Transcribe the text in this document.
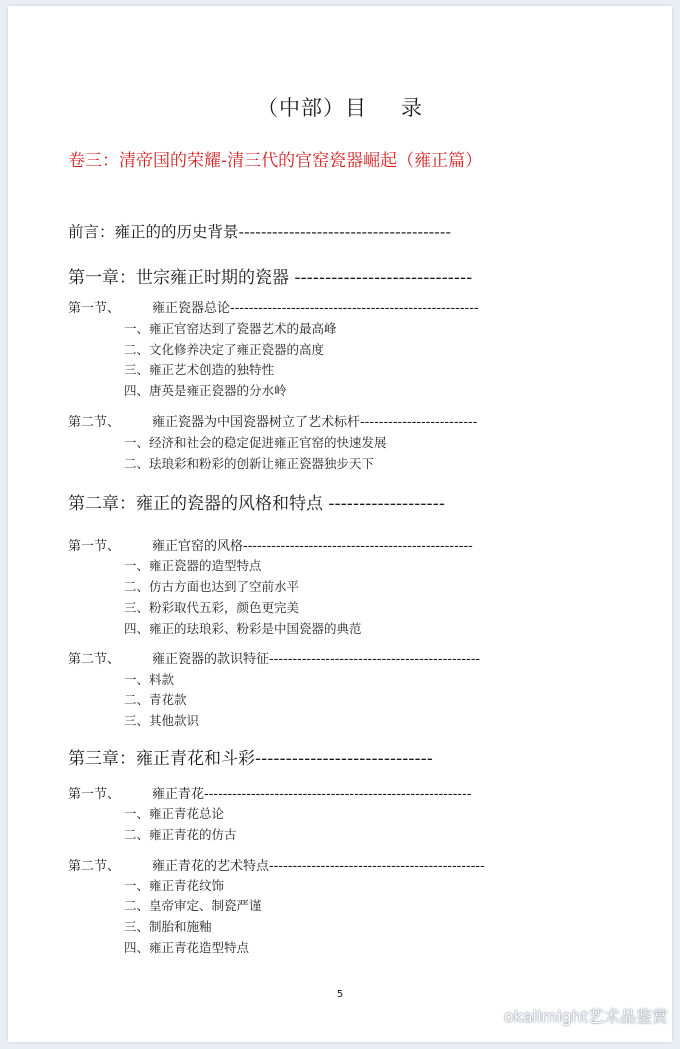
（中部）目 录
卷三：清帝国的荣耀-清三代的官窑瓷器崛起（雍正篇）
前言：雍正的的历史背景--------------------------------------
第一章：世宗雍正时期的瓷器 -----------------------------
第一节、 雍正瓷器总论-----------------------------------------------------
一、雍正官窑达到了瓷器艺术的最高峰
二、文化修养决定了雍正瓷器的高度
三、雍正艺术创造的独特性
四、唐英是雍正瓷器的分水岭
第二节、 雍正瓷器为中国瓷器树立了艺术标杆-------------------------
一、经济和社会的稳定促进雍正官窑的快速发展
二、珐琅彩和粉彩的创新让雍正瓷器独步天下
第二章：雍正的瓷器的风格和特点 -------------------
第一节、 雍正官窑的风格-------------------------------------------------
一、雍正瓷器的造型特点
二、仿古方面也达到了空前水平
三、粉彩取代五彩，颜色更完美
四、雍正的珐琅彩、粉彩是中国瓷器的典范
第二节、 雍正瓷器的款识特征---------------------------------------------
一、料款
二、青花款
三、其他款识
第三章：雍正青花和斗彩-----------------------------
第一节、 雍正青花---------------------------------------------------------
一、雍正青花总论
二、雍正青花的仿古
第二节、 雍正青花的艺术特点----------------------------------------------
一、雍正青花纹饰
二、皇帝审定、制瓷严谨
三、制胎和施釉
四、雍正青花造型特点
5
okallmight艺术品鉴赏
